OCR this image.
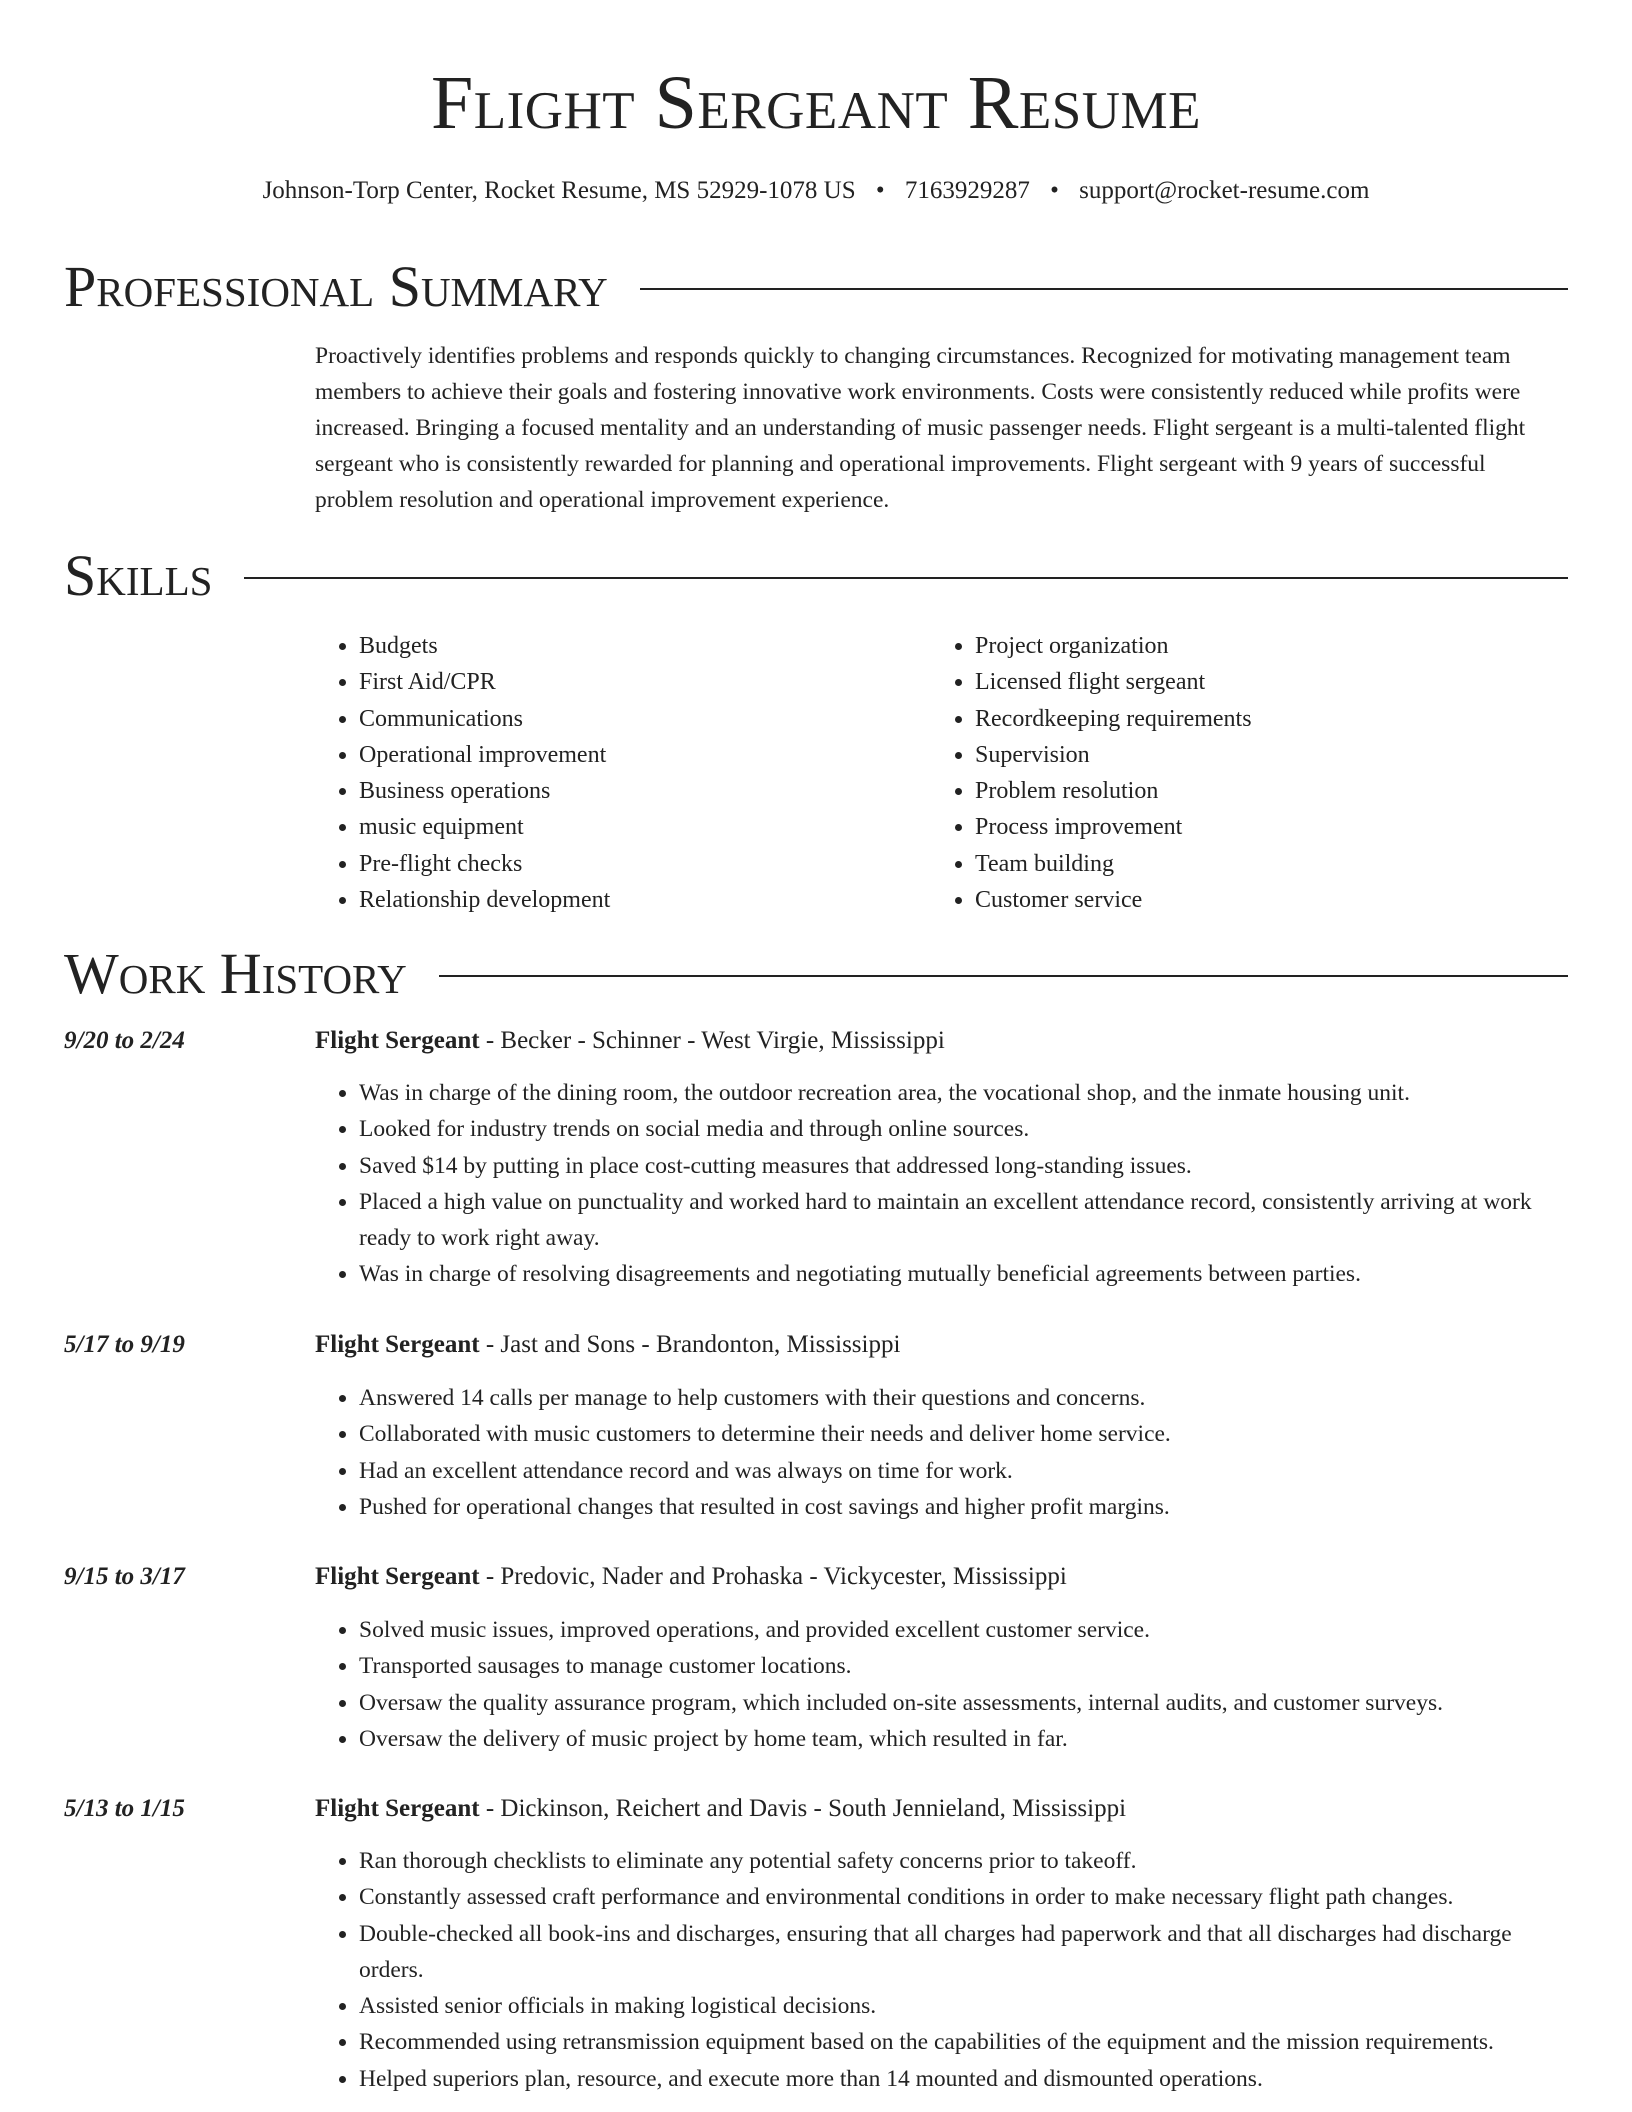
Flight Sergeant Resume
Johnson-Torp Center, Rocket Resume, MS 52929-1078 US • 7163929287 • support@rocket-resume.com
Professional Summary

Proactively identifies problems and responds quickly to changing circumstances. Recognized for motivating management team members to achieve their goals and fostering innovative work environments. Costs were consistently reduced while profits were increased. Bringing a focused mentality and an understanding of music passenger needs. Flight sergeant is a multi-talented flight sergeant who is consistently rewarded for planning and operational improvements. Flight sergeant with 9 years of successful problem resolution and operational improvement experience.

Skills
• Budgets
• First Aid/CPR
• Communications
• Operational improvement
• Business operations
• music equipment
• Pre-flight checks
• Relationship development
• Project organization
• Licensed flight sergeant
• Recordkeeping requirements
• Supervision
• Problem resolution
• Process improvement
• Team building
• Customer service
Work History
9/20 to 2/24	Flight Sergeant - Becker - Schinner - West Virgie, Mississippi
• Was in charge of the dining room, the outdoor recreation area, the vocational shop, and the inmate housing unit.
• Looked for industry trends on social media and through online sources.
• Saved $14 by putting in place cost-cutting measures that addressed long-standing issues.
• Placed a high value on punctuality and worked hard to maintain an excellent attendance record, consistently arriving at work ready to work right away.
• Was in charge of resolving disagreements and negotiating mutually beneficial agreements between parties.
5/17 to 9/19	Flight Sergeant - Jast and Sons - Brandonton, Mississippi
• Answered 14 calls per manage to help customers with their questions and concerns.
• Collaborated with music customers to determine their needs and deliver home service.
• Had an excellent attendance record and was always on time for work.
• Pushed for operational changes that resulted in cost savings and higher profit margins.
9/15 to 3/17	Flight Sergeant - Predovic, Nader and Prohaska - Vickycester, Mississippi
• Solved music issues, improved operations, and provided excellent customer service.
• Transported sausages to manage customer locations.
• Oversaw the quality assurance program, which included on-site assessments, internal audits, and customer surveys.
• Oversaw the delivery of music project by home team, which resulted in far.
5/13 to 1/15	Flight Sergeant - Dickinson, Reichert and Davis - South Jennieland, Mississippi
• Ran thorough checklists to eliminate any potential safety concerns prior to takeoff.
• Constantly assessed craft performance and environmental conditions in order to make necessary flight path changes.
• Double-checked all book-ins and discharges, ensuring that all charges had paperwork and that all discharges had discharge orders.
• Assisted senior officials in making logistical decisions.
• Recommended using retransmission equipment based on the capabilities of the equipment and the mission requirements.
• Helped superiors plan, resource, and execute more than 14 mounted and dismounted operations.
